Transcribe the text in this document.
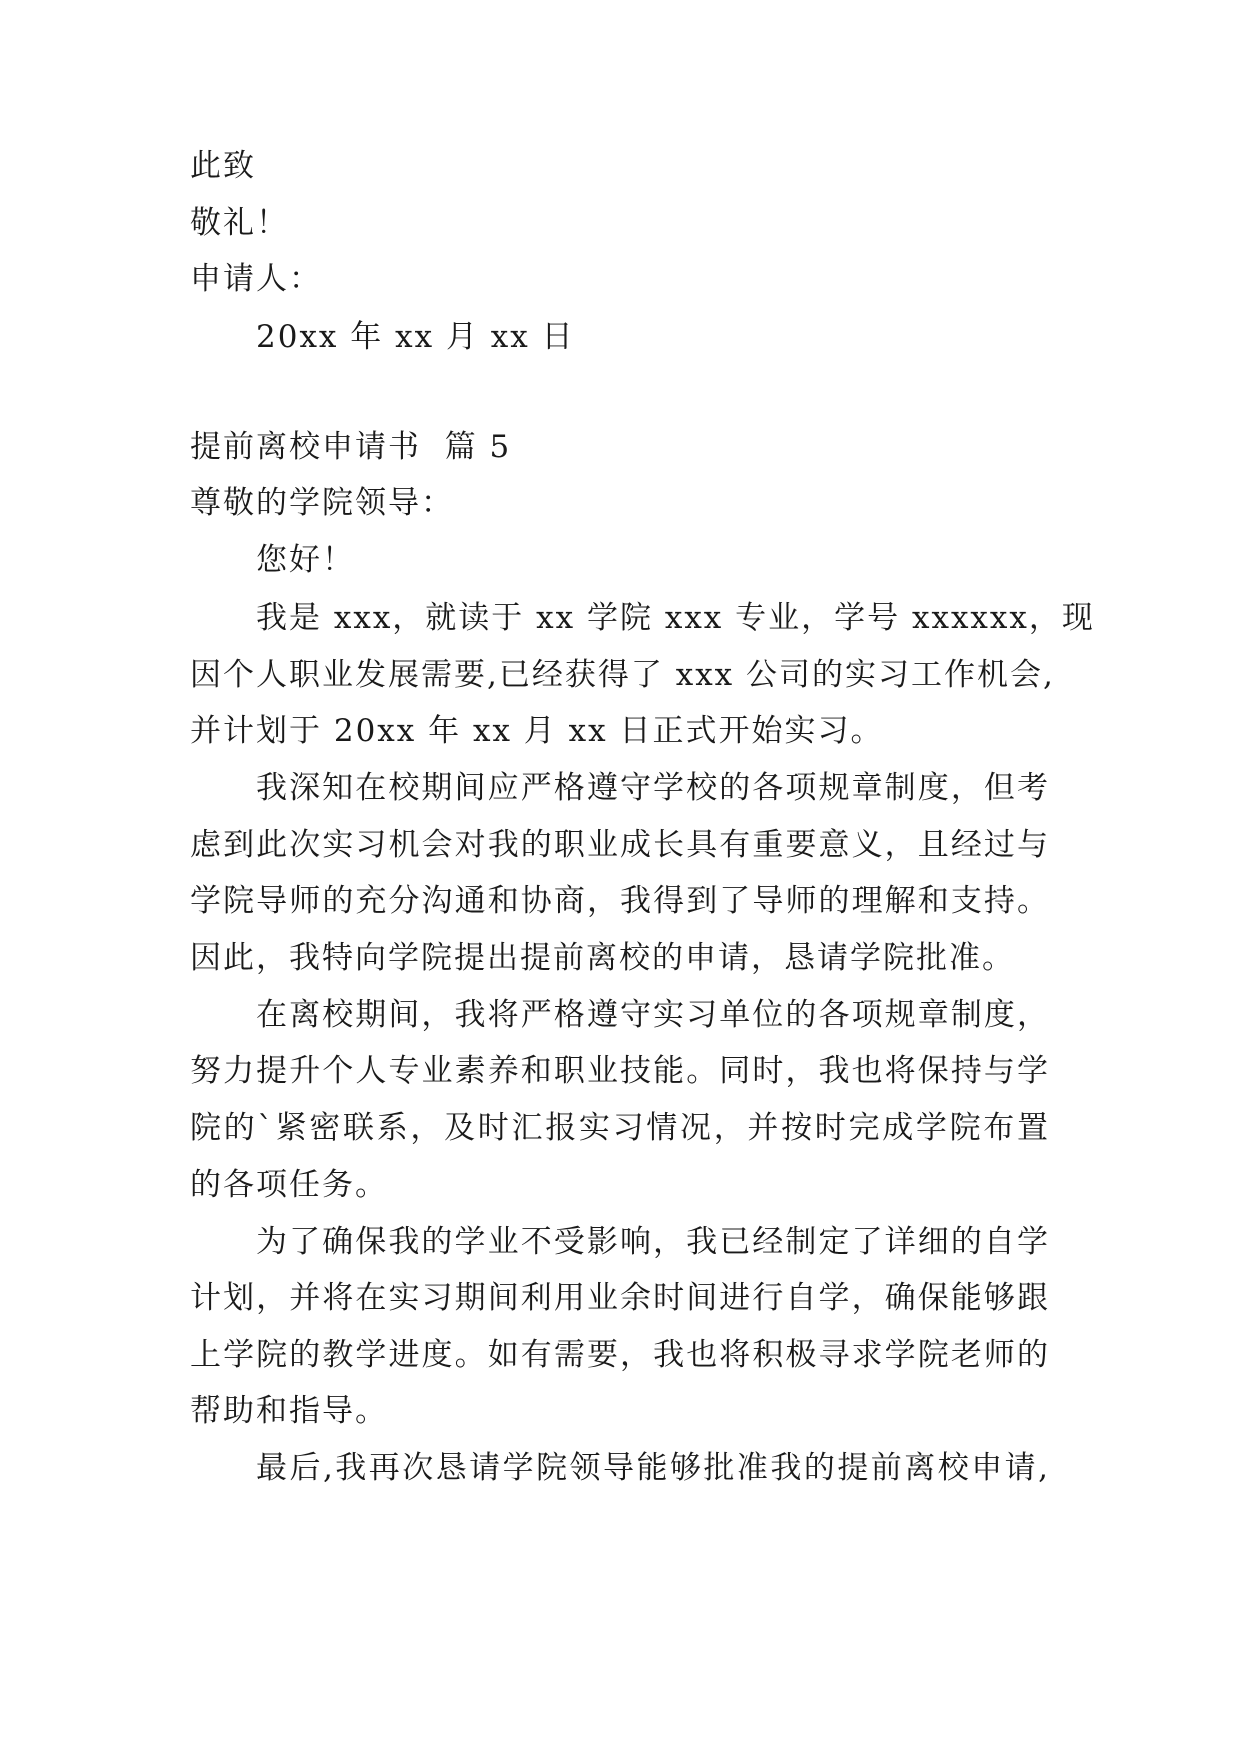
此致
敬礼！
申请人：
20xx 年 xx 月 xx 日
提前离校申请书  篇 5
尊敬的学院领导：
您好！
我是 xxx，就读于 xx 学院 xxx 专业，学号 xxxxxx，现
因个人职业发展需要,已经获得了 xxx 公司的实习工作机会,
并计划于 20xx 年 xx 月 xx 日正式开始实习。
我深知在校期间应严格遵守学校的各项规章制度，但考
虑到此次实习机会对我的职业成长具有重要意义，且经过与
学院导师的充分沟通和协商，我得到了导师的理解和支持。
因此，我特向学院提出提前离校的申请，恳请学院批准。
在离校期间，我将严格遵守实习单位的各项规章制度，
努力提升个人专业素养和职业技能。同时，我也将保持与学
院的`紧密联系，及时汇报实习情况，并按时完成学院布置
的各项任务。
为了确保我的学业不受影响，我已经制定了详细的自学
计划，并将在实习期间利用业余时间进行自学，确保能够跟
上学院的教学进度。如有需要，我也将积极寻求学院老师的
帮助和指导。
最后,我再次恳请学院领导能够批准我的提前离校申请,
